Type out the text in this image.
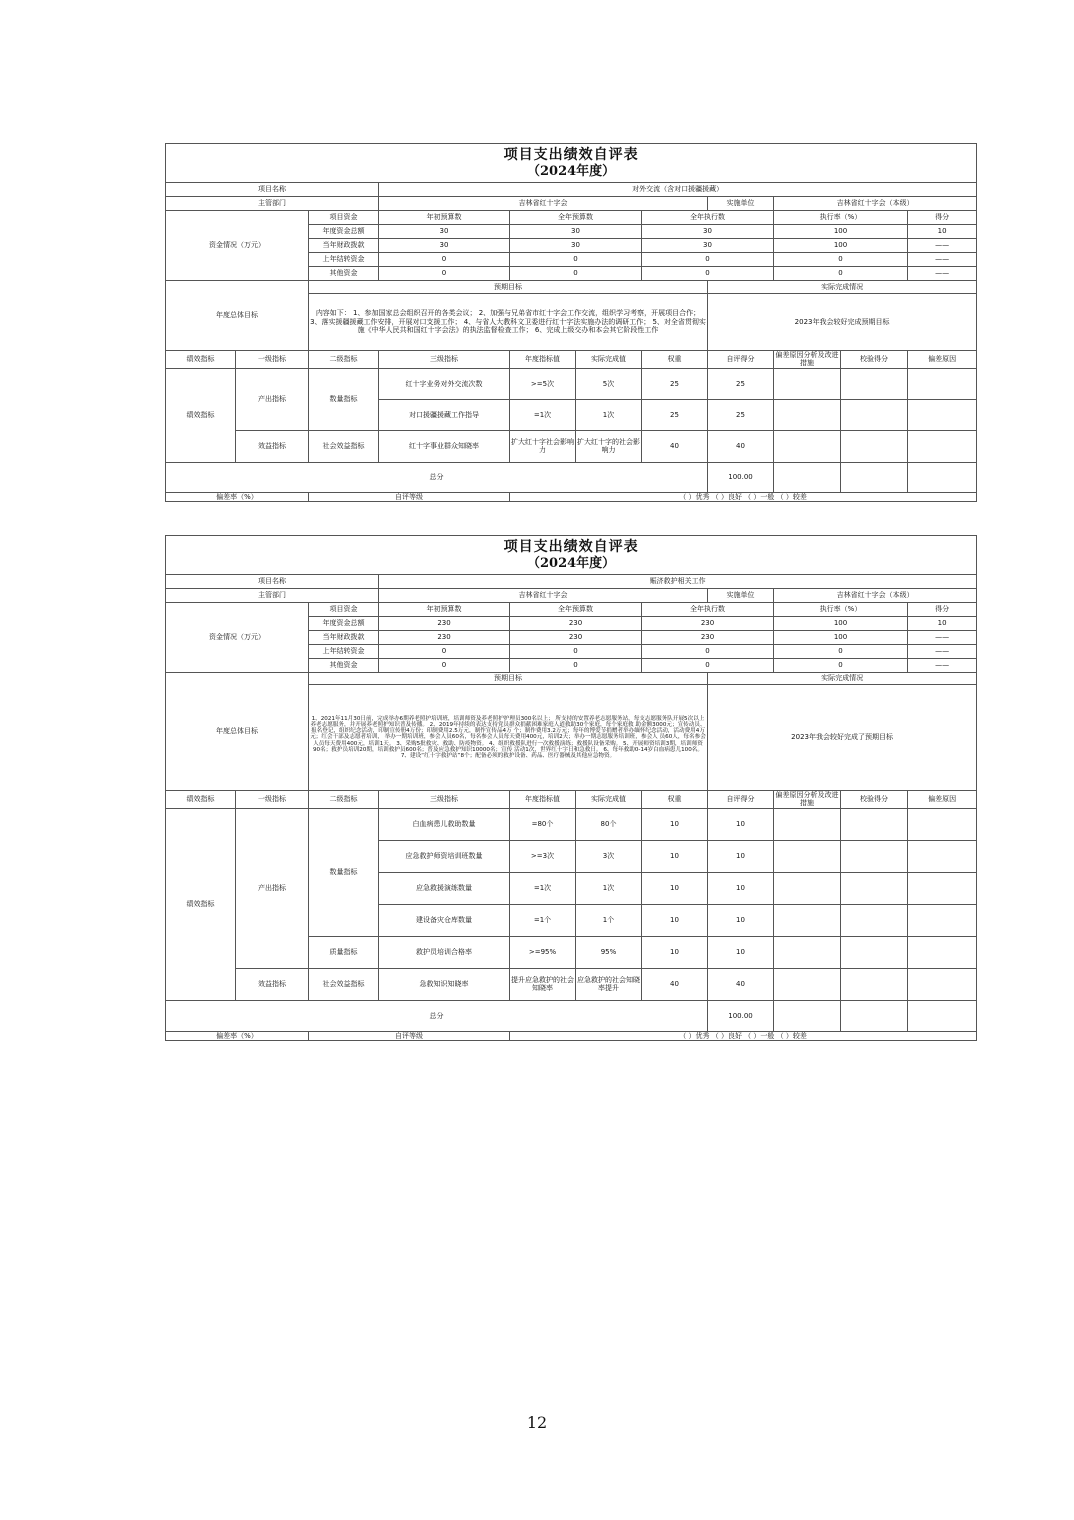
项目支出绩效自评表
（2024年度）										

项目名称			对外交流（含对口援疆援藏）							
主管部门			吉林省红十字会				实施单位	吉林省红十字会（本级）		
资金情况（万元）		项目资金	年初预算数	全年预算数		全年执行数		执行率（%）		得分
		年度资金总额	30	30		30		100		10
		当年财政拨款	30	30		30		100		——
		上年结转资金	0	0		0		0		——
		其他资金	0	0		0		0		——
年度总体目标		预期目标					实际完成情况			
		内容如下： 1、参加国家总会组织召开的各类会议； 2、加强与兄弟省市红十字会工作交流，组织学习考察，开展项目合作； 3、落实援疆援藏工作安排，开展对口支援工作； 4、与省人大教科文卫委进行红十字法实施办法的调研工作； 5、对全省贯彻实施《中华人民共和国红十字会法》的执法监督检查工作； 6、完成上级交办和本会其它阶段性工作					2023年我会较好完成预期目标			
绩效指标	一级指标	二级指标	三级指标	年度指标值	实际完成值	权重	自评得分	偏差原因分析及改进措施	校验得分	偏差原因
绩效指标	产出指标	数量指标	红十字业务对外交流次数	>=5次	5次	25	25			
			对口援疆援藏工作指导	=1次	1次	25	25			
	效益指标	社会效益指标	红十字事业群众知晓率	扩大红十字社会影响力	扩大红十字的社会影响力	40	40			
总分							100.00			
偏差率（%）		自评等级		（ ）优秀 （ ）良好 （ ）一般 （ ）较差						
项目支出绩效自评表
（2024年度）										

项目名称			赈济救护相关工作							
主管部门			吉林省红十字会				实施单位	吉林省红十字会（本级）		
资金情况（万元）		项目资金	年初预算数	全年预算数		全年执行数		执行率（%）		得分
		年度资金总额	230	230		230		100		10
		当年财政拨款	230	230		230		100		——
		上年结转资金	0	0		0		0		——
		其他资金	0	0		0		0		——
年度总体目标		预期目标					实际完成情况			
		1、2021年11月30日前，完成举办6期养老照护培训班，培训师资及养老照护护理员300名以上； 所支持的安置养老志愿服务站，每支志愿服务队开展5次以上养老志愿服务，并开展养老照护知识普及传播。 2、2019年持续的表达支持党员群众捐献困难家庭人道救助30个家庭，每个家庭救 助金额3000元；宣传动员、报名登记，组织纪念活动，印制宣传册4万份；印制费用2.5万元，制作宣传品4万 个；制作费用3.2万元；每年的博爱节捐赠者举办缅怀纪念活动，活动费用4万元；红会干部及志愿者培训， 举办一期培训班，参会人员60名，每名参会人员每天费用400元，培训2天；举办一期志愿服务培训班，参会人 员60人，每名参会人员每天费用400元，培训1天。 3、采购5批救灾、救助、防疫物资。 4、组织救援队进行一次救援演练；救援队设备采购。 5、开展师资培训3期，培训师资90名；救护员培训20期，培训救护员600名；普及应急救护知识10000名；宣传 活动1次，世界红十字日和急救日。 6、每年救助0-14岁白血病患儿100名。 7、建设“红十字救护站”8个；配备必须的救护设备、药品、医疗器械及其他应急物资。					2023年我会较好完成了预期目标			
绩效指标	一级指标	二级指标	三级指标	年度指标值	实际完成值	权重	自评得分	偏差原因分析及改进措施	校验得分	偏差原因
绩效指标	产出指标	数量指标	白血病患儿救助数量	=80个	80个	10	10			
			应急救护师资培训班数量	>=3次	3次	10	10			
			应急救援演练数量	=1次	1次	10	10			
			建设备灾仓库数量	=1个	1个	10	10			
		质量指标	救护员培训合格率	>=95%	95%	10	10			
	效益指标	社会效益指标	急救知识知晓率	提升应急救护的社会知晓率	应急救护的社会知晓率提升	40	40			
总分							100.00			
偏差率（%）		自评等级		（ ）优秀 （ ）良好 （ ）一般 （ ）较差						
12
